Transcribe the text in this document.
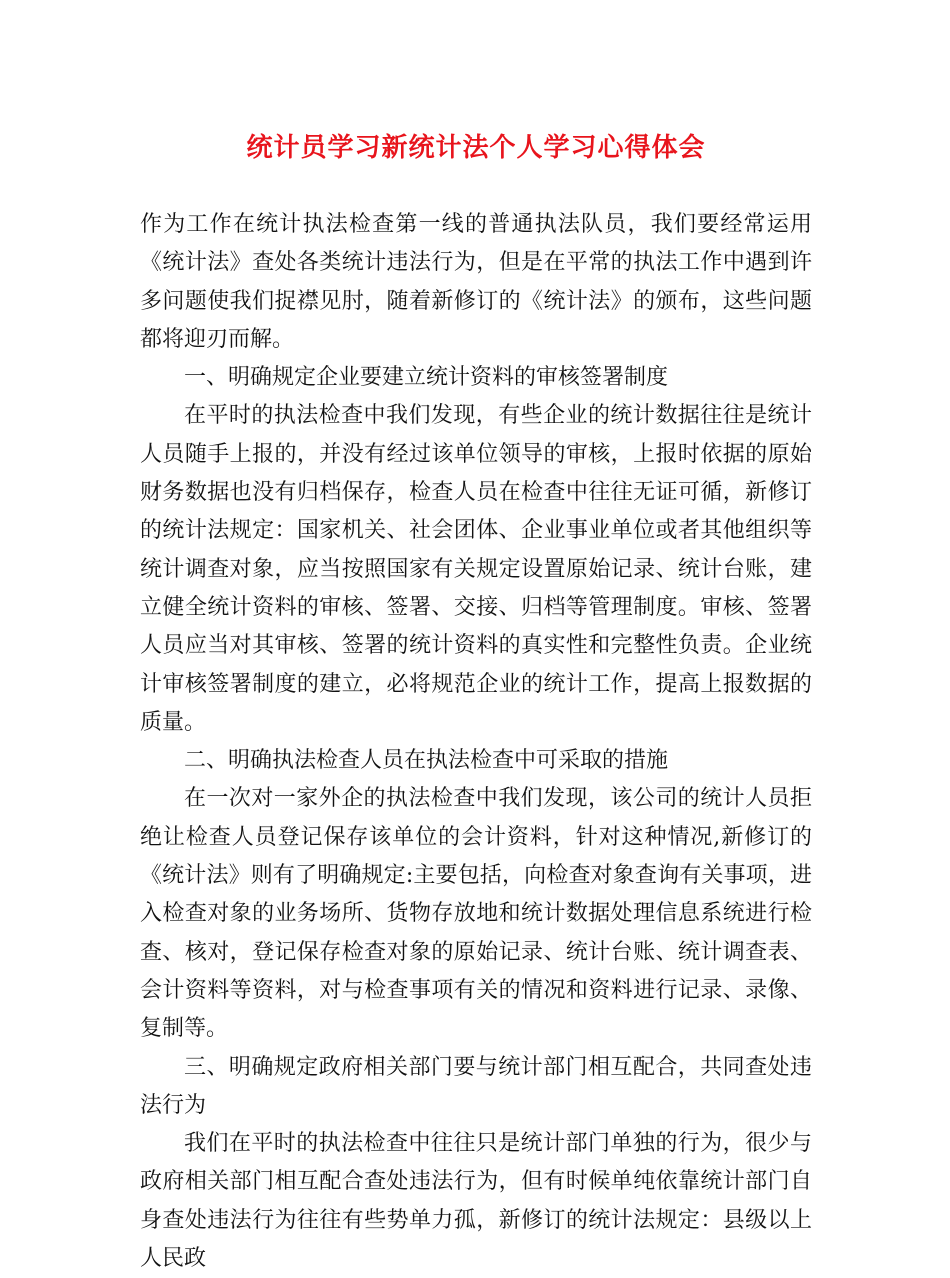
统计员学习新统计法个人学习心得体会

作为工作在统计执法检查第一线的普通执法队员，我们要经常运用《统计法》查处各类统计违法行为，但是在平常的执法工作中遇到许多问题使我们捉襟见肘，随着新修订的《统计法》的颁布，这些问题都将迎刃而解。

一、明确规定企业要建立统计资料的审核签署制度

在平时的执法检查中我们发现，有些企业的统计数据往往是统计人员随手上报的，并没有经过该单位领导的审核，上报时依据的原始财务数据也没有归档保存，检查人员在检查中往往无证可循，新修订的统计法规定：国家机关、社会团体、企业事业单位或者其他组织等统计调查对象，应当按照国家有关规定设置原始记录、统计台账，建立健全统计资料的审核、签署、交接、归档等管理制度。审核、签署人员应当对其审核、签署的统计资料的真实性和完整性负责。企业统计审核签署制度的建立，必将规范企业的统计工作，提高上报数据的质量。

二、明确执法检查人员在执法检查中可采取的措施

在一次对一家外企的执法检查中我们发现，该公司的统计人员拒绝让检查人员登记保存该单位的会计资料，针对这种情况,新修订的《统计法》则有了明确规定:主要包括，向检查对象查询有关事项，进入检查对象的业务场所、货物存放地和统计数据处理信息系统进行检查、核对，登记保存检查对象的原始记录、统计台账、统计调查表、会计资料等资料，对与检查事项有关的情况和资料进行记录、录像、复制等。

三、明确规定政府相关部门要与统计部门相互配合，共同查处违法行为

我们在平时的执法检查中往往只是统计部门单独的行为，很少与政府相关部门相互配合查处违法行为，但有时候单纯依靠统计部门自身查处违法行为往往有些势单力孤，新修订的统计法规定：县级以上人民政
